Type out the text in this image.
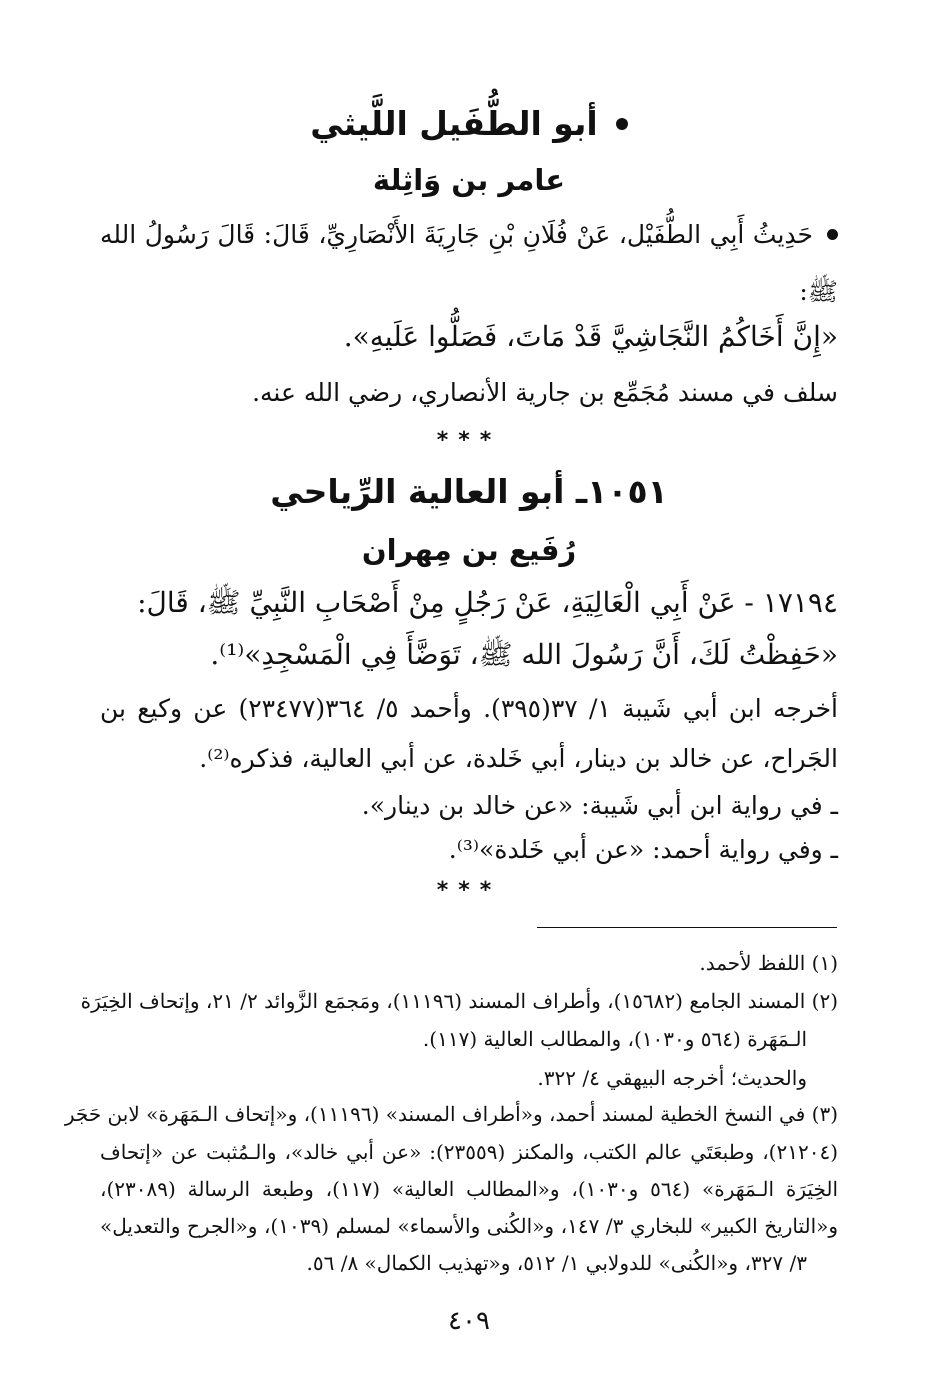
أبو الطُّفَيل اللَّيثي
عامر بن وَاثِلة
حَدِيثُ أَبِي الطُّفَيْل، عَنْ فُلَانِ بْنِ جَارِيَةَ الأَنْصَارِيِّ، قَالَ: قَالَ رَسُولُ الله
ﷺ:
«إِنَّ أَخَاكُمُ النَّجَاشِيَّ قَدْ مَاتَ، فَصَلُّوا عَلَيهِ».
سلف في مسند مُجَمِّع بن جارية الأنصاري، رضي الله عنه.
***
١٠٥١ـ أبو العالية الرِّياحي
رُفَيع بن مِهران
١٧١٩٤ - عَنْ أَبِي الْعَالِيَةِ، عَنْ رَجُلٍ مِنْ أَصْحَابِ النَّبِيِّ ﷺ، قَالَ:
«حَفِظْتُ لَكَ، أَنَّ رَسُولَ الله ﷺ، تَوَضَّأَ فِي الْمَسْجِدِ»⁽¹⁾.
أخرجه ابن أبي شَيبة ١/ ٣٧(٣٩٥). وأحمد ٥/ ٣٦٤(٢٣٤٧٧) عن وكيع بن
الجَراح، عن خالد بن دينار، أبي خَلدة، عن أبي العالية، فذكره⁽²⁾.
ـ في رواية ابن أبي شَيبة: «عن خالد بن دينار».
ـ وفي رواية أحمد: «عن أبي خَلدة»⁽³⁾.
***
(١) اللفظ لأحمد.
(٢) المسند الجامع (١٥٦٨٢)، وأطراف المسند (١١١٩٦)، ومَجمَع الزَّوائد ٢/ ٢١، وإتحاف الخِيَرَة
الـمَهَرة (٥٦٤ و١٠٣٠)، والمطالب العالية (١١٧).
والحديث؛ أخرجه البيهقي ٤/ ٣٢٢.
(٣) في النسخ الخطية لمسند أحمد، و«أطراف المسند» (١١١٩٦)، و«إتحاف الـمَهَرة» لابن حَجَر
(٢١٢٠٤)، وطبعَتَي عالم الكتب، والمكنز (٢٣٥٥٩): «عن أبي خالد»، والـمُثبت عن «إتحاف
الخِيَرَة الـمَهَرة» (٥٦٤ و١٠٣٠)، و«المطالب العالية» (١١٧)، وطبعة الرسالة (٢٣٠٨٩)،
و«التاريخ الكبير» للبخاري ٣/ ١٤٧، و«الكُنى والأسماء» لمسلم (١٠٣٩)، و«الجرح والتعديل»
٣/ ٣٢٧، و«الكُنى» للدولابي ١/ ٥١٢، و«تهذيب الكمال» ٨/ ٥٦.
٤٠٩
